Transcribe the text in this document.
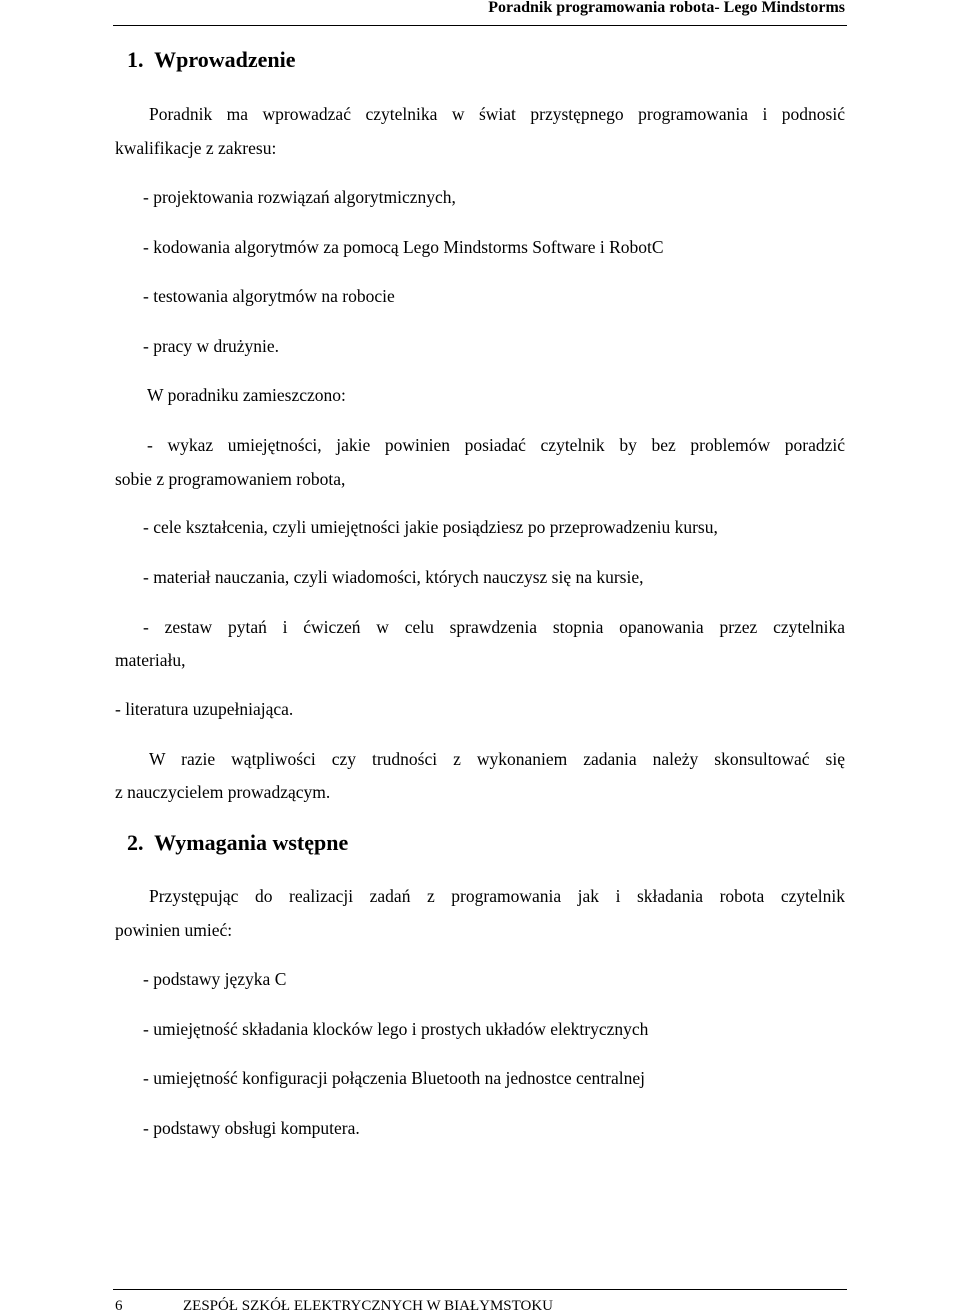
Poradnik programowania robota- Lego Mindstorms
1. Wprowadzenie
Poradnik ma wprowadzać czytelnika w świat przystępnego programowania i podnosić
kwalifikacje z zakresu:
- projektowania rozwiązań algorytmicznych,
- kodowania algorytmów za pomocą Lego Mindstorms Software i RobotC
- testowania algorytmów na robocie
- pracy w drużynie.
W poradniku zamieszczono:
- wykaz umiejętności, jakie powinien posiadać czytelnik by bez problemów poradzić
sobie z programowaniem robota,
- cele kształcenia, czyli umiejętności jakie posiądziesz po przeprowadzeniu kursu,
- materiał nauczania, czyli wiadomości, których nauczysz się na kursie,
- zestaw pytań i ćwiczeń w celu sprawdzenia stopnia opanowania przez czytelnika
materiału,
- literatura uzupełniająca.
W razie wątpliwości czy trudności z wykonaniem zadania należy skonsultować się
z nauczycielem prowadzącym.
2. Wymagania wstępne
Przystępując do realizacji zadań z programowania jak i składania robota czytelnik
powinien umieć:
- podstawy języka C
- umiejętność składania klocków lego i prostych układów elektrycznych
- umiejętność konfiguracji połączenia Bluetooth na jednostce centralnej
- podstawy obsługi komputera.
6	ZESPÓŁ SZKÓŁ ELEKTRYCZNYCH W BIAŁYMSTOKU
